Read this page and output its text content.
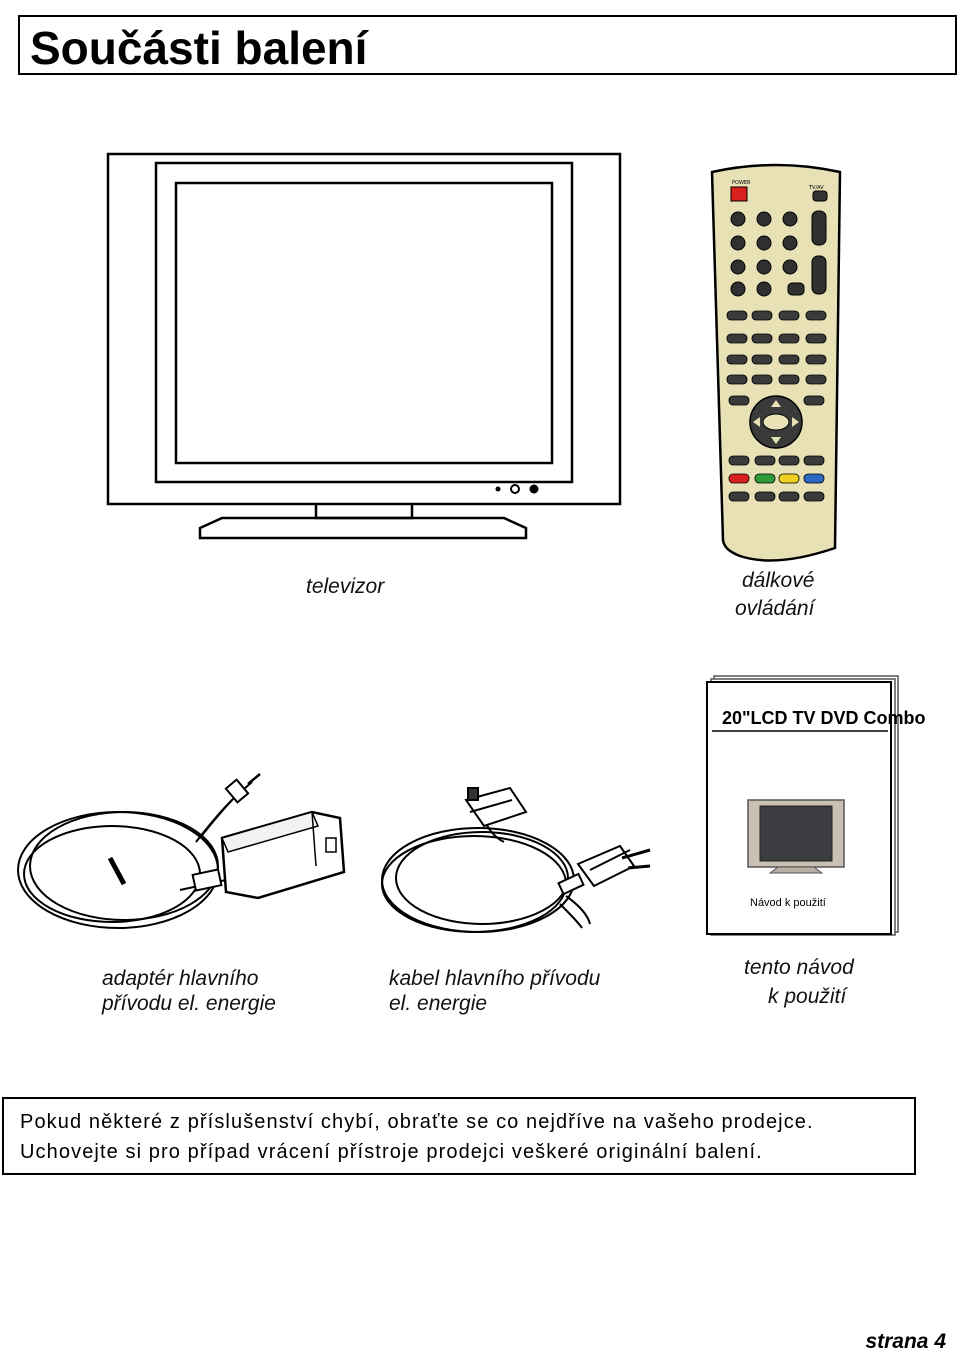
Součásti balení
POWER
TV/AV
20"LCD TV DVD Combo
Návod k použití
televizor	dálkové
ovládání
adaptér hlavního
přívodu el. energie
kabel hlavního přívodu
el. energie
tento návod
k použití
Pokud některé z příslušenství chybí, obraťte se co nejdříve na vašeho prodejce.
Uchovejte si pro případ vrácení přístroje prodejci veškeré originální balení.
strana 4
